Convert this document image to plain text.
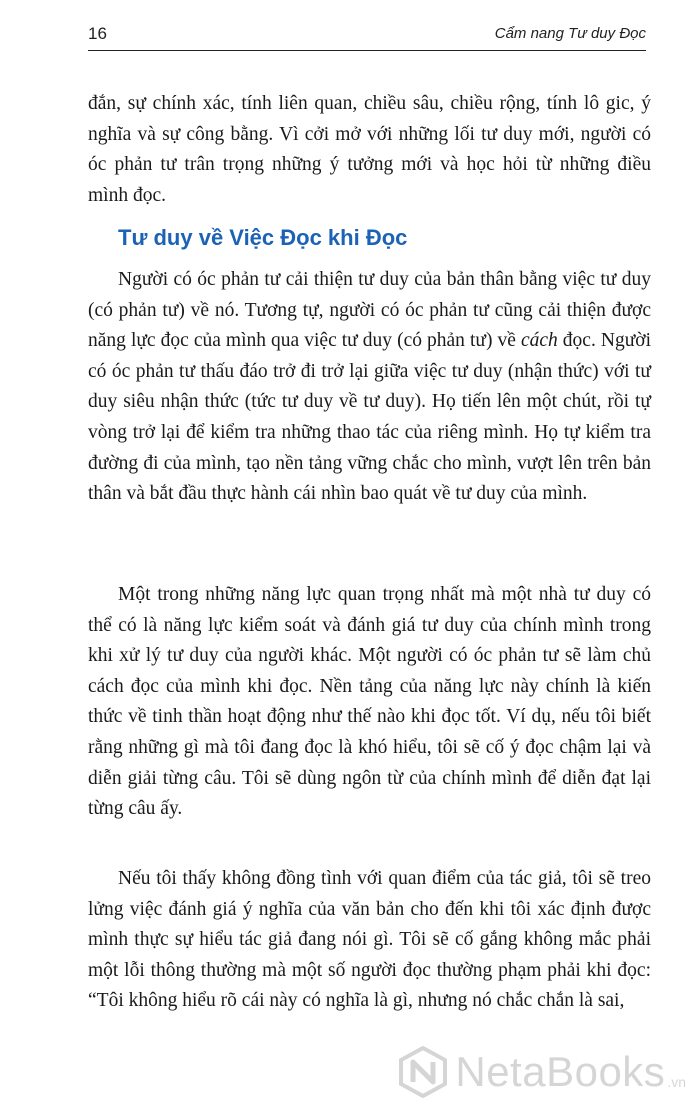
16	Cẩm nang Tư duy Đọc

đắn, sự chính xác, tính liên quan, chiều sâu, chiều rộng, tính lô gic, ý nghĩa và sự công bằng. Vì cởi mở với những lối tư duy mới, người có óc phản tư trân trọng những ý tưởng mới và học hỏi từ những điều mình đọc.

Tư duy về Việc Đọc khi Đọc

Người có óc phản tư cải thiện tư duy của bản thân bằng việc tư duy (có phản tư) về nó. Tương tự, người có óc phản tư cũng cải thiện được năng lực đọc của mình qua việc tư duy (có phản tư) về cách đọc. Người có óc phản tư thấu đáo trở đi trở lại giữa việc tư duy (nhận thức) với tư duy siêu nhận thức (tức tư duy về tư duy). Họ tiến lên một chút, rồi tự vòng trở lại để kiểm tra những thao tác của riêng mình. Họ tự kiểm tra đường đi của mình, tạo nền tảng vững chắc cho mình, vượt lên trên bản thân và bắt đầu thực hành cái nhìn bao quát về tư duy của mình.

Một trong những năng lực quan trọng nhất mà một nhà tư duy có thể có là năng lực kiểm soát và đánh giá tư duy của chính mình trong khi xử lý tư duy của người khác. Một người có óc phản tư sẽ làm chủ cách đọc của mình khi đọc. Nền tảng của năng lực này chính là kiến thức về tinh thần hoạt động như thế nào khi đọc tốt. Ví dụ, nếu tôi biết rằng những gì mà tôi đang đọc là khó hiểu, tôi sẽ cố ý đọc chậm lại và diễn giải từng câu. Tôi sẽ dùng ngôn từ của chính mình để diễn đạt lại từng câu ấy.

Nếu tôi thấy không đồng tình với quan điểm của tác giả, tôi sẽ treo lửng việc đánh giá ý nghĩa của văn bản cho đến khi tôi xác định được mình thực sự hiểu tác giả đang nói gì. Tôi sẽ cố gắng không mắc phải một lỗi thông thường mà một số người đọc thường phạm phải khi đọc: “Tôi không hiểu rõ cái này có nghĩa là gì, nhưng nó chắc chắn là sai,

NetaBooks .vn
